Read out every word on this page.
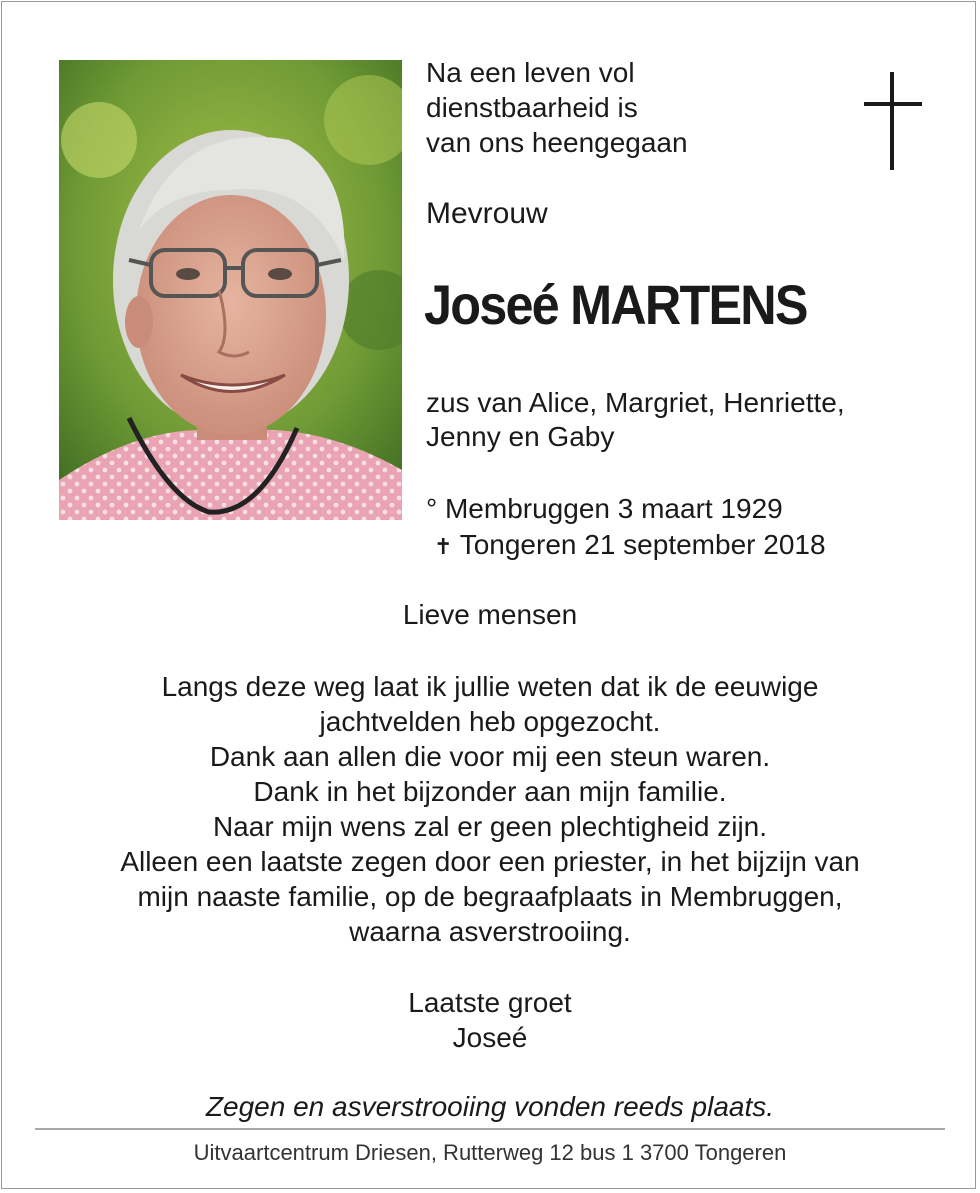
Na een leven vol
dienstbaarheid is
van ons heengegaan
Mevrouw
Joseé MARTENS
zus van Alice, Margriet, Henriette,
Jenny en Gaby
° Membruggen 3 maart 1929
✝ Tongeren 21 september 2018
Lieve mensen
Langs deze weg laat ik jullie weten dat ik de eeuwige
jachtvelden heb opgezocht.
Dank aan allen die voor mij een steun waren.
Dank in het bijzonder aan mijn familie.
Naar mijn wens zal er geen plechtigheid zijn.
Alleen een laatste zegen door een priester, in het bijzijn van
mijn naaste familie, op de begraafplaats in Membruggen,
waarna asverstrooiing.
Laatste groet
Joseé
Zegen en asverstrooiing vonden reeds plaats.
Uitvaartcentrum Driesen, Rutterweg 12 bus 1 3700 Tongeren
